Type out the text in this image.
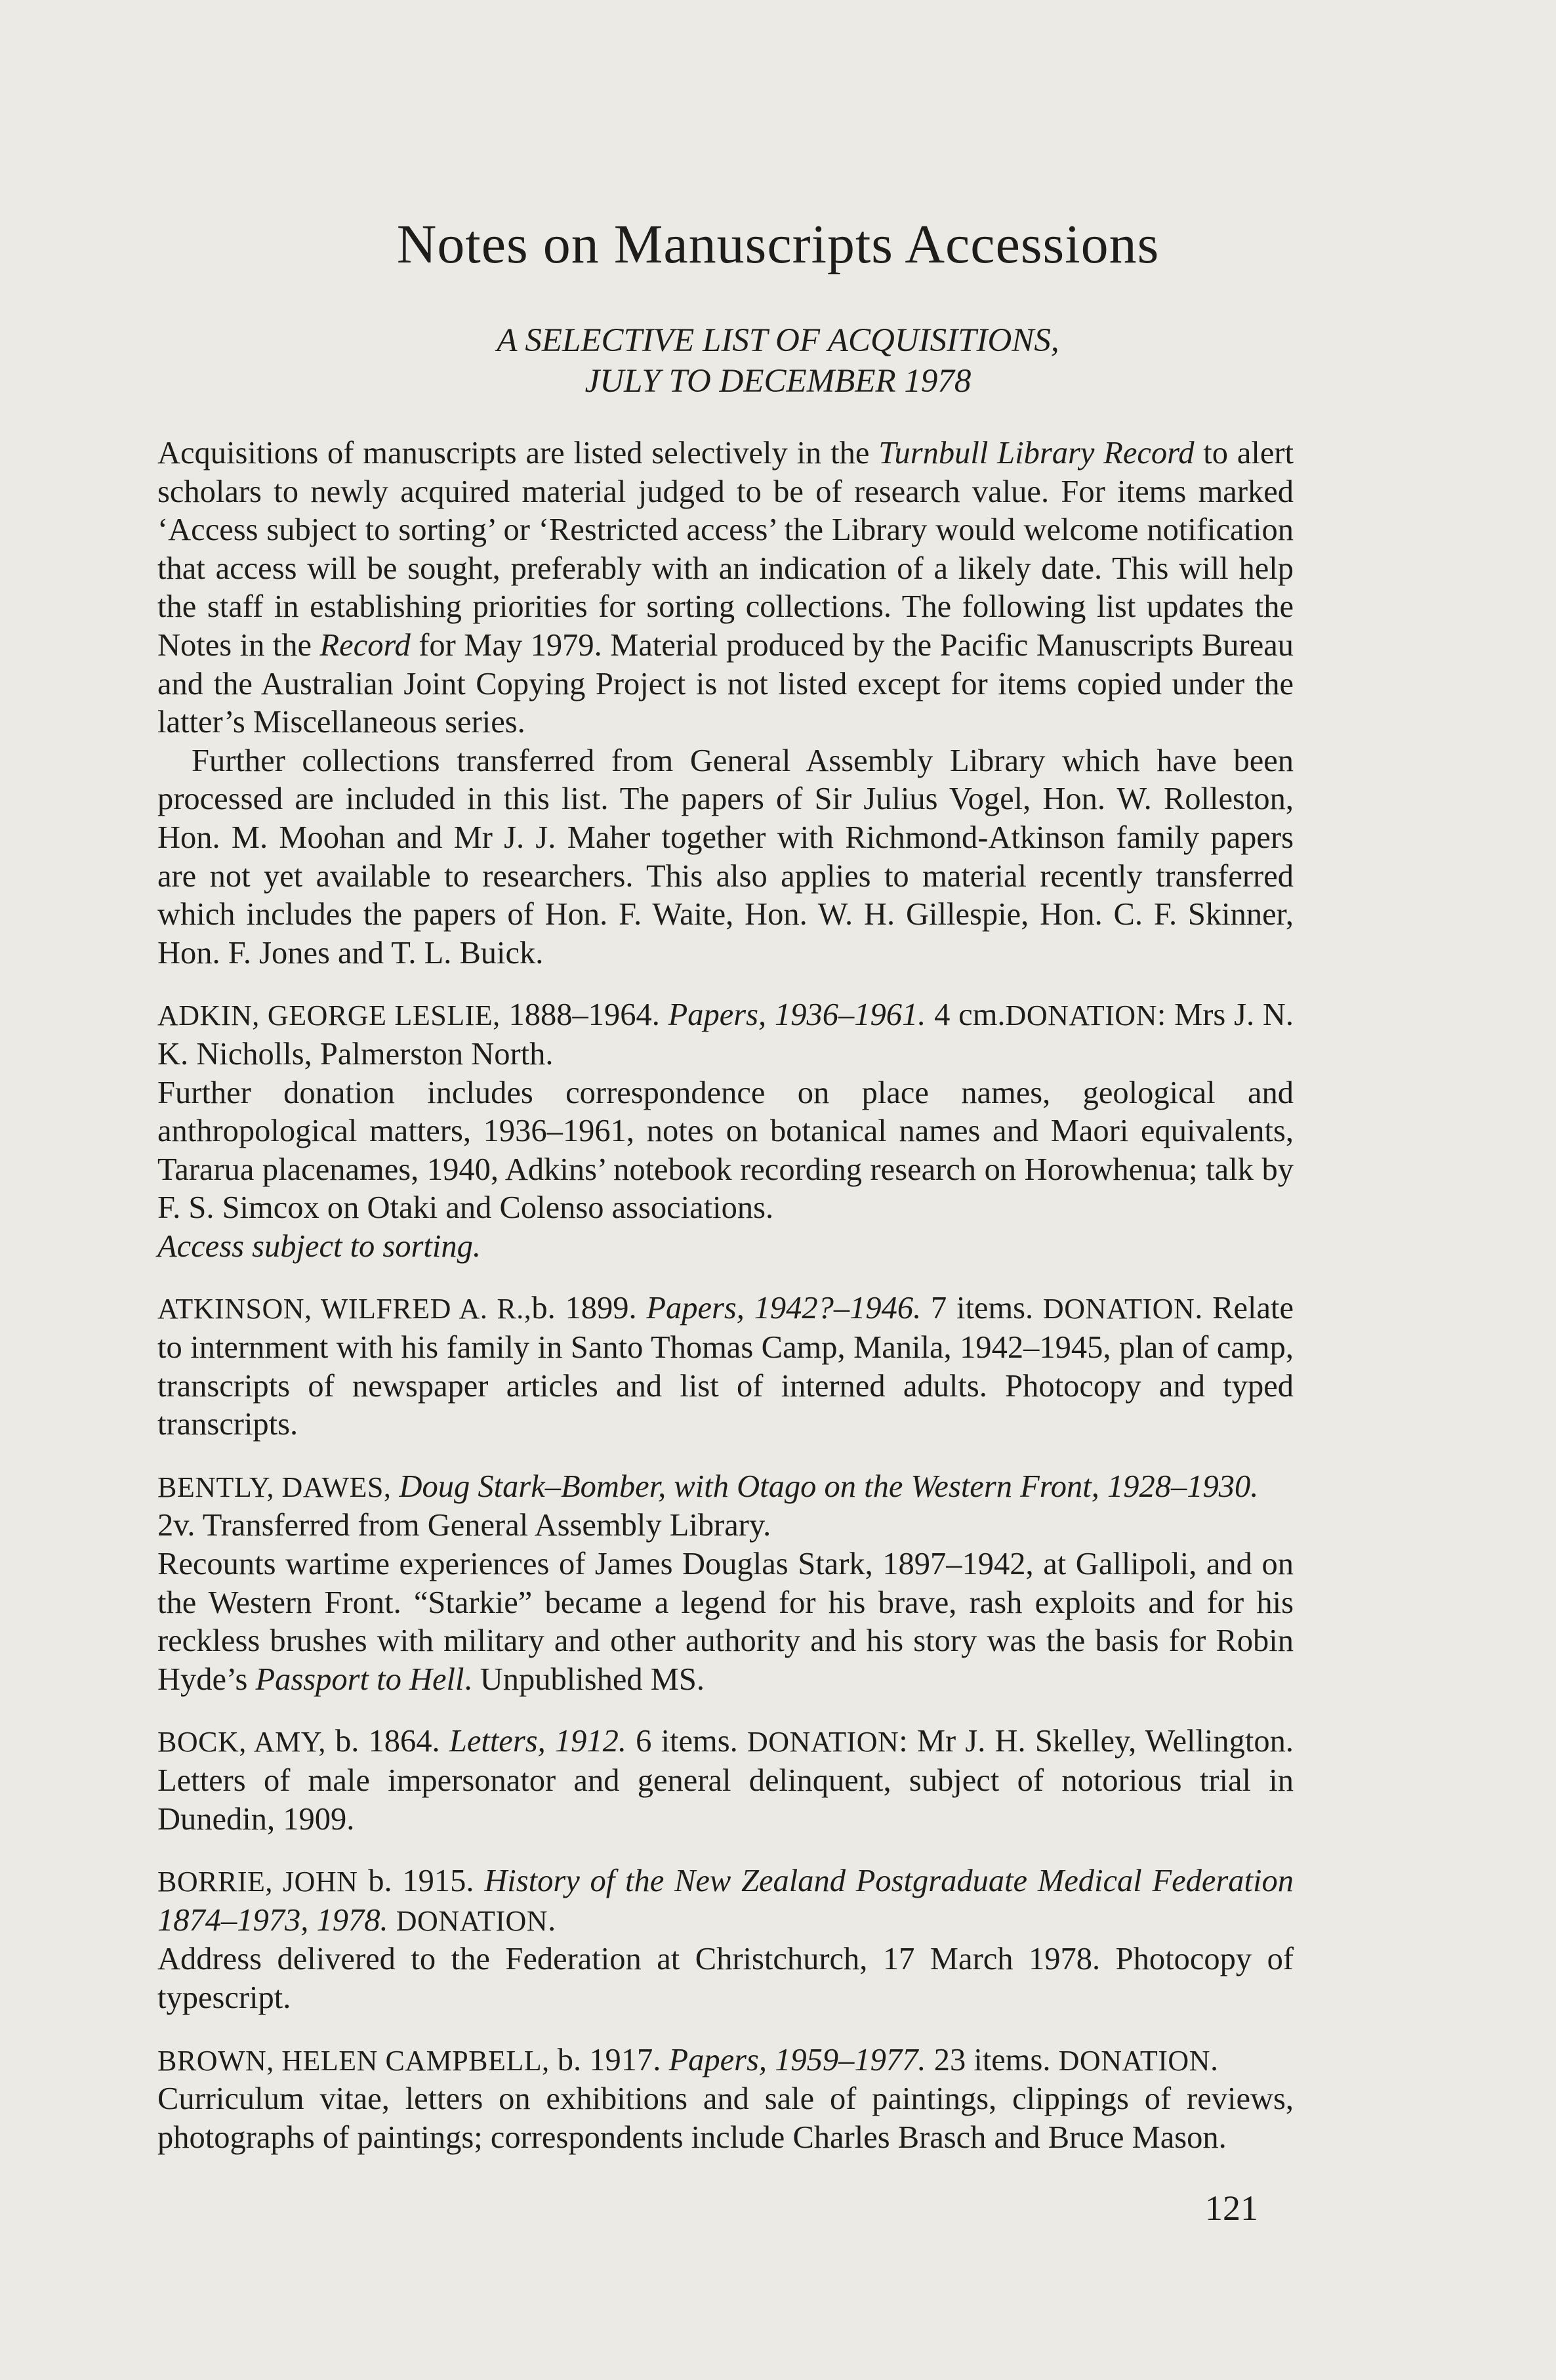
Notes on Manuscripts Accessions
A SELECTIVE LIST OF ACQUISITIONS,
JULY TO DECEMBER 1978

Acquisitions of manuscripts are listed selectively in the Turnbull Library Record to alert scholars to newly acquired material judged to be of research value. For items marked ‘Access subject to sorting’ or ‘Restricted access’ the Library would welcome notification that access will be sought, preferably with an indication of a likely date. This will help the staff in establishing priorities for sorting collections. The following list updates the Notes in the Record for May 1979. Material produced by the Pacific Manuscripts Bureau and the Australian Joint Copying Project is not listed except for items copied under the latter’s Miscellaneous series.

Further collections transferred from General Assembly Library which have been processed are included in this list. The papers of Sir Julius Vogel, Hon. W. Rolleston, Hon. M. Moohan and Mr J. J. Maher together with Richmond-Atkinson family papers are not yet available to researchers. This also applies to material recently transferred which includes the papers of Hon. F. Waite, Hon. W. H. Gillespie, Hon. C. F. Skinner, Hon. F. Jones and T. L. Buick.

ADKIN, GEORGE LESLIE, 1888–1964. Papers, 1936–1961. 4 cm.DONATION: Mrs J. N. K. Nicholls, Palmerston North.

Further donation includes correspondence on place names, geological and anthropological matters, 1936–1961, notes on botanical names and Maori equivalents, Tararua placenames, 1940, Adkins’ notebook recording research on Horowhenua; talk by F. S. Simcox on Otaki and Colenso associations.

Access subject to sorting.

ATKINSON, WILFRED A. R.,b. 1899. Papers, 1942?–1946. 7 items. DONATION. Relate to internment with his family in Santo Thomas Camp, Manila, 1942–1945, plan of camp, transcripts of newspaper articles and list of interned adults. Photocopy and typed transcripts.

BENTLY, DAWES, Doug Stark–Bomber, with Otago on the Western Front, 1928–1930.

2v. Transferred from General Assembly Library.

Recounts wartime experiences of James Douglas Stark, 1897–1942, at Gallipoli, and on the Western Front. “Starkie” became a legend for his brave, rash exploits and for his reckless brushes with military and other authority and his story was the basis for Robin Hyde’s Passport to Hell. Unpublished MS.

BOCK, AMY, b. 1864. Letters, 1912. 6 items. DONATION: Mr J. H. Skelley, Wellington. Letters of male impersonator and general delinquent, subject of notorious trial in Dunedin, 1909.

BORRIE, JOHN b. 1915. History of the New Zealand Postgraduate Medical Federation 1874–1973, 1978. DONATION.

Address delivered to the Federation at Christchurch, 17 March 1978. Photocopy of typescript.

BROWN, HELEN CAMPBELL, b. 1917. Papers, 1959–1977. 23 items. DONATION.

Curriculum vitae, letters on exhibitions and sale of paintings, clippings of reviews, photographs of paintings; correspondents include Charles Brasch and Bruce Mason.

121
